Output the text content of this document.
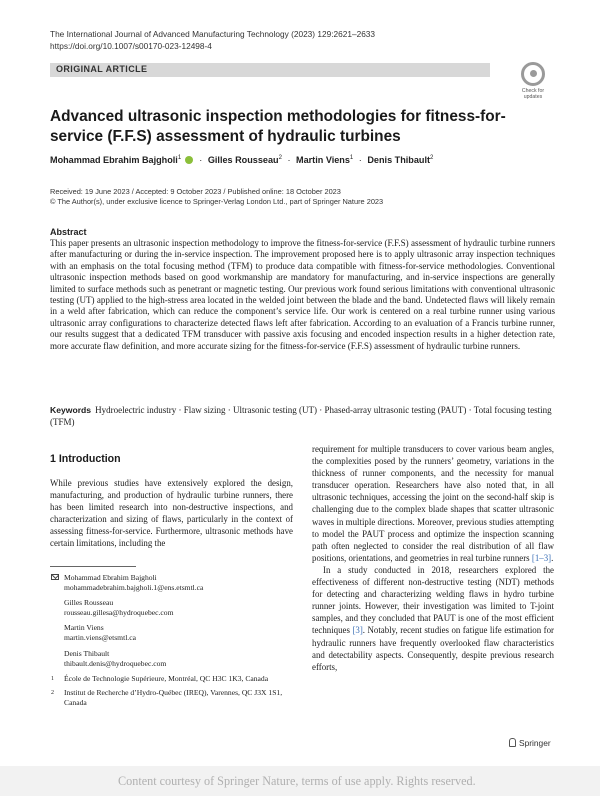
The International Journal of Advanced Manufacturing Technology (2023) 129:2621–2633
https://doi.org/10.1007/s00170-023-12498-4
ORIGINAL ARTICLE
Check for
updates
Advanced ultrasonic inspection methodologies for fitness-for-service (F.F.S) assessment of hydraulic turbines
Mohammad Ebrahim Bajgholi$^1$ · Gilles Rousseau$^2$ · Martin Viens$^1$ · Denis Thibault$^2$
Received: 19 June 2023 / Accepted: 9 October 2023 / Published online: 18 October 2023
© The Author(s), under exclusive licence to Springer-Verlag London Ltd., part of Springer Nature 2023
Abstract
This paper presents an ultrasonic inspection methodology to improve the fitness-for-service (F.F.S) assessment of hydraulic turbine runners after manufacturing or during the in-service inspection. The improvement proposed here is to apply ultrasonic array inspection techniques with an emphasis on the total focusing method (TFM) to produce data compatible with fitness-for-service methodologies. Conventional ultrasonic inspection methods based on good workmanship are mandatory for manufacturing, and in-service inspections are generally limited to surface methods such as penetrant or magnetic testing. Our previous work found serious limitations with conventional ultrasonic testing (UT) applied to the high-stress area located in the welded joint between the blade and the band. Undetected flaws will likely remain in a weld after fabrication, which can reduce the component’s service life. Our work is centered on a real turbine runner using various ultrasonic array configurations to characterize detected flaws left after fabrication. According to an evaluation of a Francis turbine runner, our results suggest that a dedicated TFM transducer with passive axis focusing and encoded inspection results in a higher detection rate, more accurate flaw definition, and more accurate sizing for the fitness-for-service (F.F.S) assessment of hydraulic turbine runners.
Keywords Hydroelectric industry · Flaw sizing · Ultrasonic testing (UT) · Phased-array ultrasonic testing (PAUT) · Total focusing testing (TFM)
1 Introduction
While previous studies have extensively explored the design, manufacturing, and production of hydraulic turbine runners, there has been limited research into non-destructive inspections, and characterization and sizing of flaws, particularly in the context of assessing fitness-for-service. Furthermore, ultrasonic methods have certain limitations, including the
Mohammad Ebrahim Bajgholi
mohammadebrahim.bajgholi.1@ens.etsmtl.ca
Gilles Rousseau
rousseau.gillesa@hydroquebec.com
Martin Viens
martin.viens@etsmtl.ca
Denis Thibault
thibault.denis@hydroquebec.com
1 École de Technologie Supérieure, Montréal, QC H3C 1K3, Canada
2 Institut de Recherche d’Hydro-Québec (IREQ), Varennes, QC J3X 1S1, Canada

requirement for multiple transducers to cover various beam angles, the complexities posed by the runners’ geometry, variations in the thickness of runner components, and the necessity for manual transducer operation. Researchers have also noted that, in all ultrasonic techniques, accessing the joint on the second-half skip is challenging due to the complex blade shapes that scatter ultrasonic waves in multiple directions. Moreover, previous studies attempting to model the PAUT process and optimize the inspection scanning path often neglected to consider the real distribution of all flaw positions, orientations, and geometries in real turbine runners [1–3].

In a study conducted in 2018, researchers explored the effectiveness of different non-destructive testing (NDT) methods for detecting and characterizing welding flaws in hydro turbine runner joints. However, their investigation was limited to T-joint samples, and they concluded that PAUT is one of the most efficient techniques [3]. Notably, recent studies on fatigue life estimation for hydraulic runners have frequently overlooked flaw characteristics and detectability aspects. Consequently, despite previous research efforts,

Springer
Content courtesy of Springer Nature, terms of use apply. Rights reserved.
